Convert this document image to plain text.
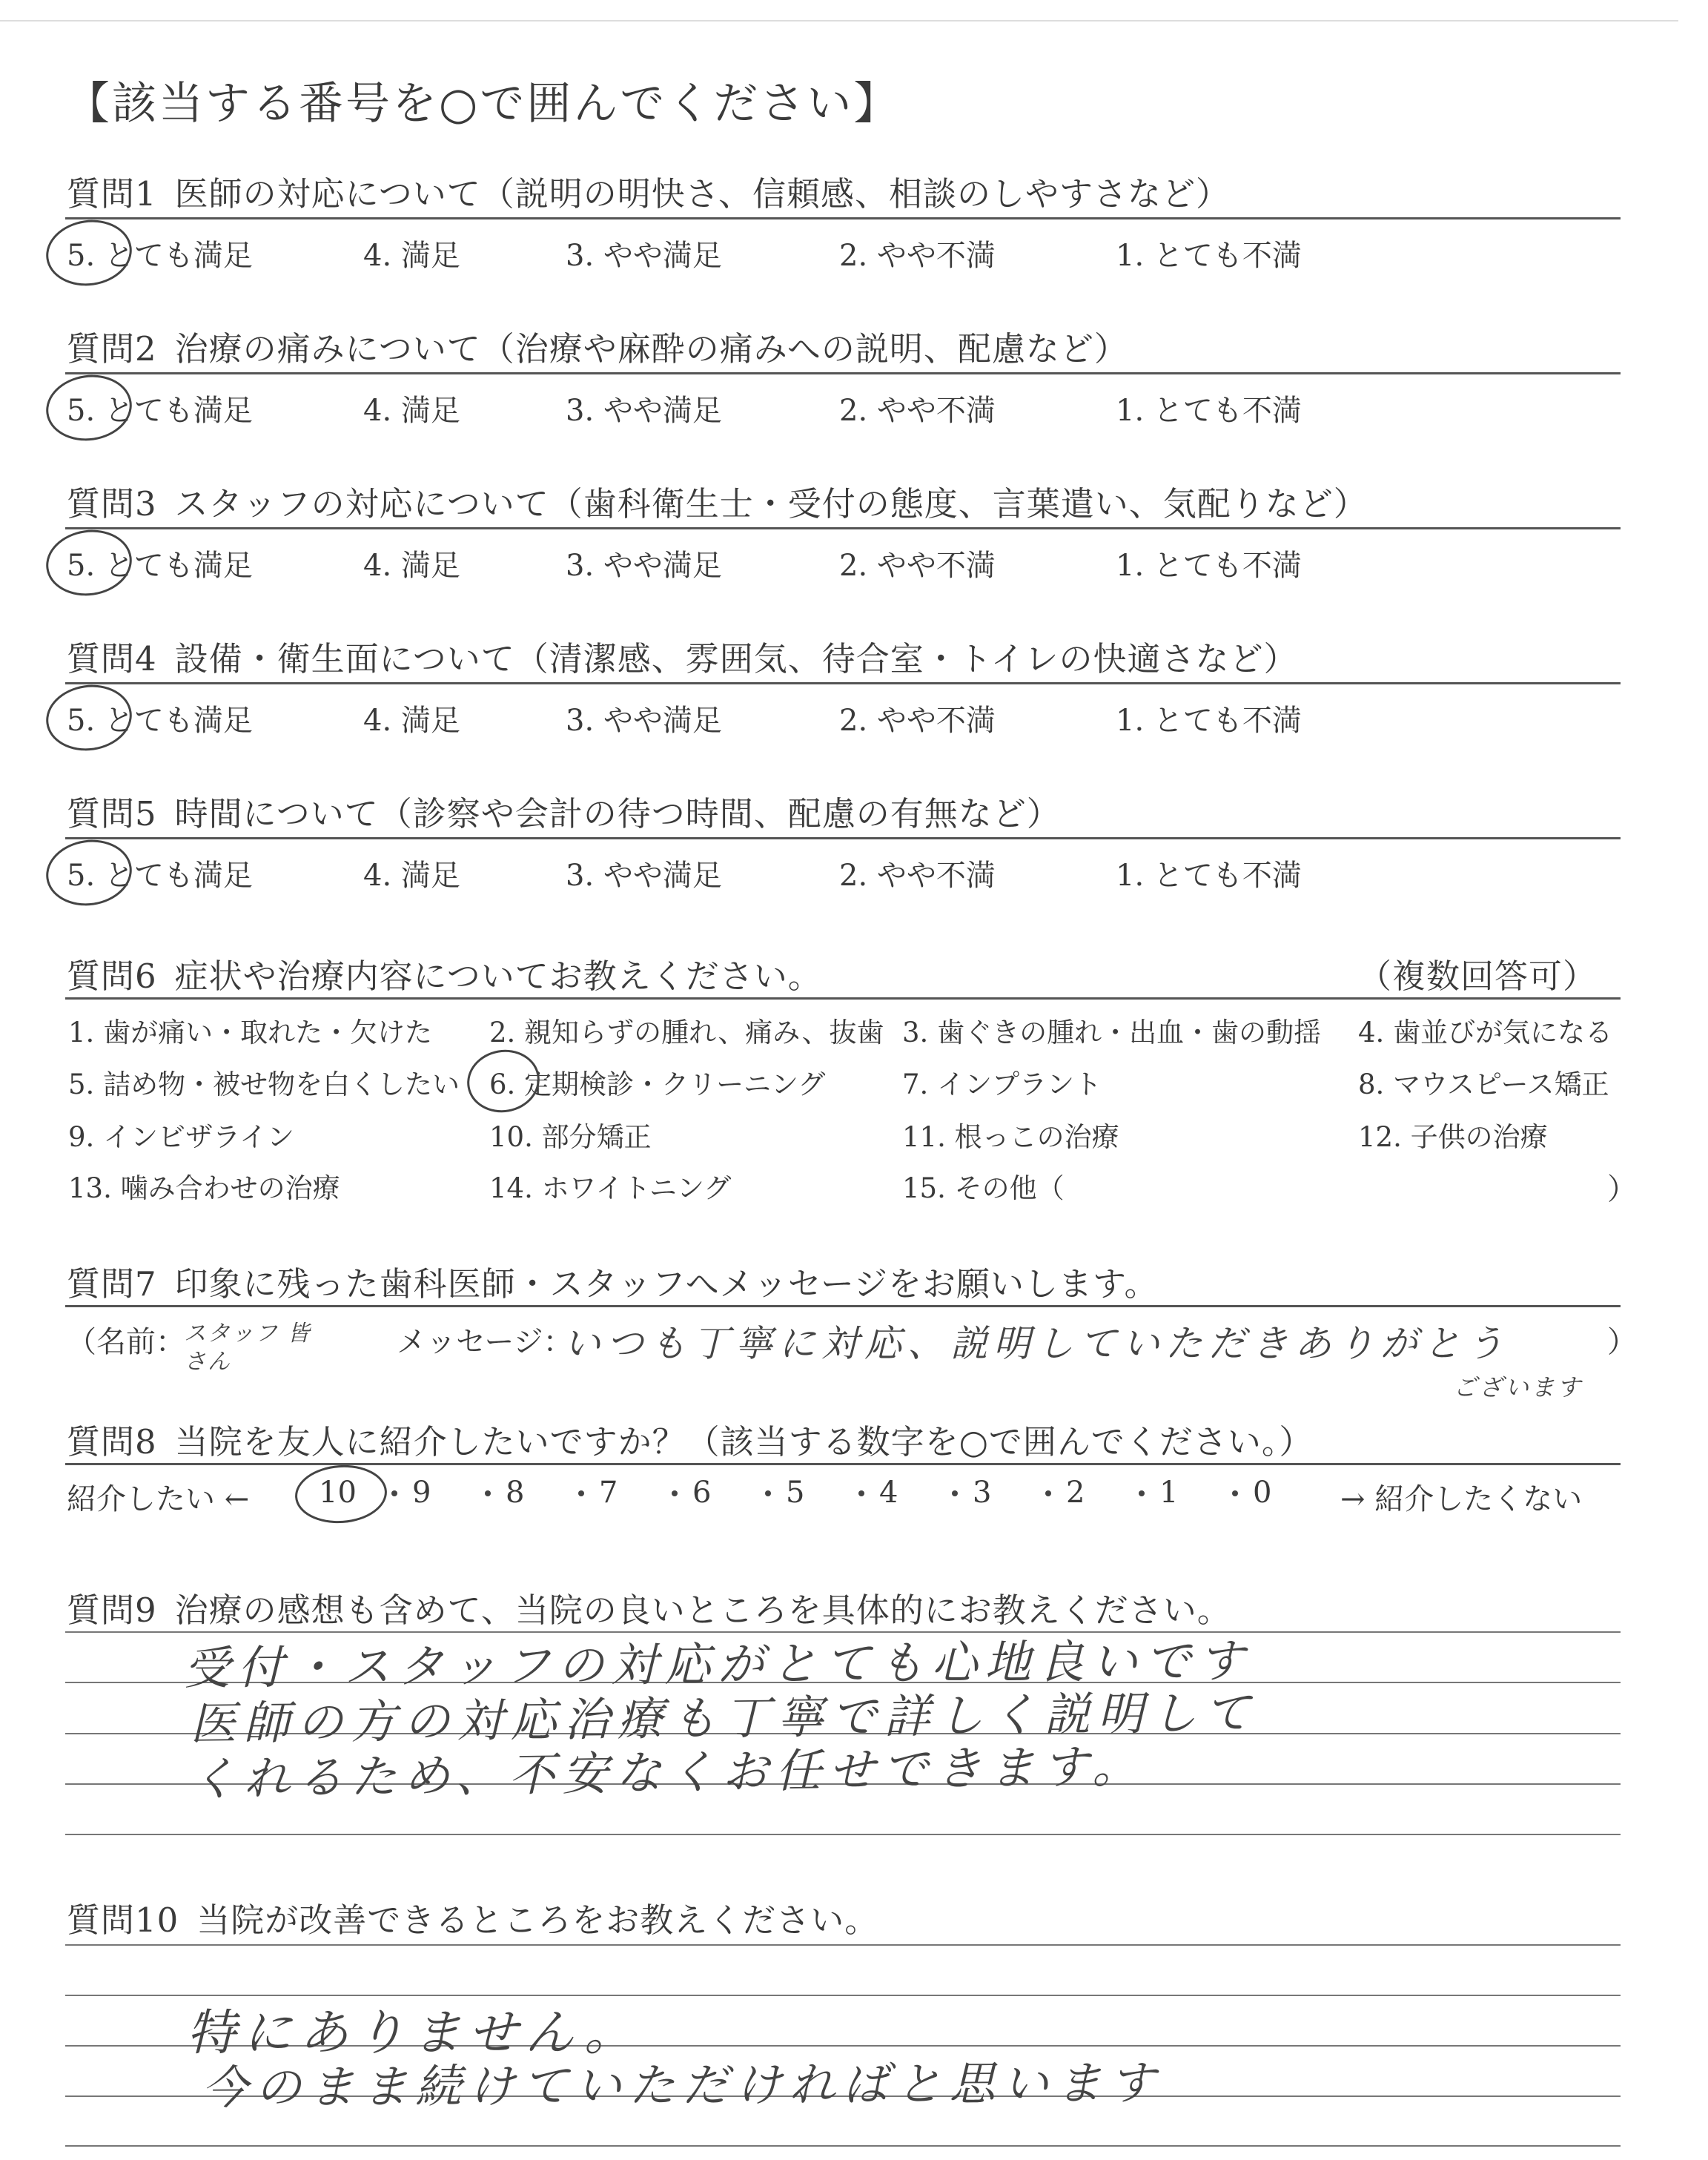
【該当する番号を○で囲んでください】
質問1 医師の対応について（説明の明快さ、信頼感、相談のしやすさなど）
5. とても満足	4. 満足	3. やや満足	2. やや不満	1. とても不満
質問2 治療の痛みについて（治療や麻酔の痛みへの説明、配慮など）
5. とても満足	4. 満足	3. やや満足	2. やや不満	1. とても不満
質問3 スタッフの対応について（歯科衛生士・受付の態度、言葉遣い、気配りなど）
5. とても満足	4. 満足	3. やや満足	2. やや不満	1. とても不満
質問4 設備・衛生面について（清潔感、雰囲気、待合室・トイレの快適さなど）
5. とても満足	4. 満足	3. やや満足	2. やや不満	1. とても不満
質問5 時間について（診察や会計の待つ時間、配慮の有無など）
5. とても満足	4. 満足	3. やや満足	2. やや不満	1. とても不満
質問6 症状や治療内容についてお教えください。	（複数回答可）
1. 歯が痛い・取れた・欠けた 2. 親知らずの腫れ、痛み、抜歯 3. 歯ぐきの腫れ・出血・歯の動揺 4. 歯並びが気になる
5. 詰め物・被せ物を白くしたい 6. 定期検診・クリーニング	7. インプラント	8. マウスピース矯正
9. インビザライン	10. 部分矯正	11. 根っこの治療	12. 子供の治療
13. 噛み合わせの治療	14. ホワイトニング	15. その他（	）
質問7 印象に残った歯科医師・スタッフへメッセージをお願いします。
（名前：	メッセージ：	）
スタッフ 皆さん	いつも丁寧に対応、説明していただきありがとう
ございます
質問8 当院を友人に紹介したいですか？（該当する数字を○で囲んでください。）
紹介したい ←	→ 紹介したくない
10 9	8	7	6	5	4	3	2	1	0
質問9 治療の感想も含めて、当院の良いところを具体的にお教えください。
受付・スタッフの対応がとても心地良いです
医師の方の対応治療も丁寧で詳しく説明して
くれるため、不安なくお任せできます。
質問10 当院が改善できるところをお教えください。
特にありません。
今のまま続けていただければと思います
